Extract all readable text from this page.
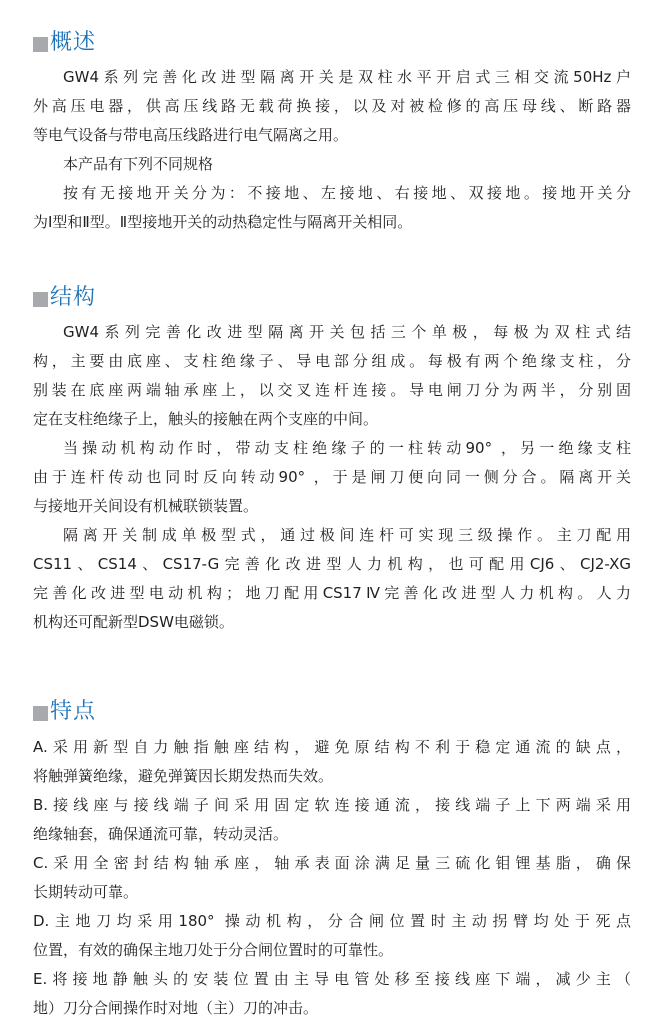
概述
GW4系列完善化改进型隔离开关是双柱水平开启式三相交流50Hz户
外高压电器，供高压线路无载荷换接，以及对被检修的高压母线、断路器
等电气设备与带电高压线路进行电气隔离之用。
本产品有下列不同规格
按有无接地开关分为：不接地、左接地、右接地、双接地。接地开关分
为Ⅰ型和Ⅱ型。Ⅱ型接地开关的动热稳定性与隔离开关相同。
结构
GW4系列完善化改进型隔离开关包括三个单极，每极为双柱式结
构，主要由底座、支柱绝缘子、导电部分组成。每极有两个绝缘支柱，分
别装在底座两端轴承座上，以交叉连杆连接。导电闸刀分为两半，分别固
定在支柱绝缘子上，触头的接触在两个支座的中间。
当操动机构动作时，带动支柱绝缘子的一柱转动90° ，另一绝缘支柱
由于连杆传动也同时反向转动90° ，于是闸刀便向同一侧分合。隔离开关
与接地开关间设有机械联锁装置。
隔离开关制成单极型式，通过极间连杆可实现三级操作。主刀配用
CS11、CS14、CS17-G完善化改进型人力机构，也可配用CJ6、CJ2-XG
完善化改进型电动机构；地刀配用CS17Ⅳ完善化改进型人力机构。人力
机构还可配新型DSW电磁锁。
特点
A.采用新型自力触指触座结构，避免原结构不利于稳定通流的缺点，
将触弹簧绝缘，避免弹簧因长期发热而失效。
B.接线座与接线端子间采用固定软连接通流，接线端子上下两端采用
绝缘轴套，确保通流可靠，转动灵活。
C.采用全密封结构轴承座，轴承表面涂满足量三硫化钼锂基脂，确保
长期转动可靠。
D.主地刀均采用180° 操动机构，分合闸位置时主动拐臂均处于死点
位置，有效的确保主地刀处于分合闸位置时的可靠性。
E.将接地静触头的安装位置由主导电管处移至接线座下端，减少主（
地）刀分合闸操作时对地（主）刀的冲击。
